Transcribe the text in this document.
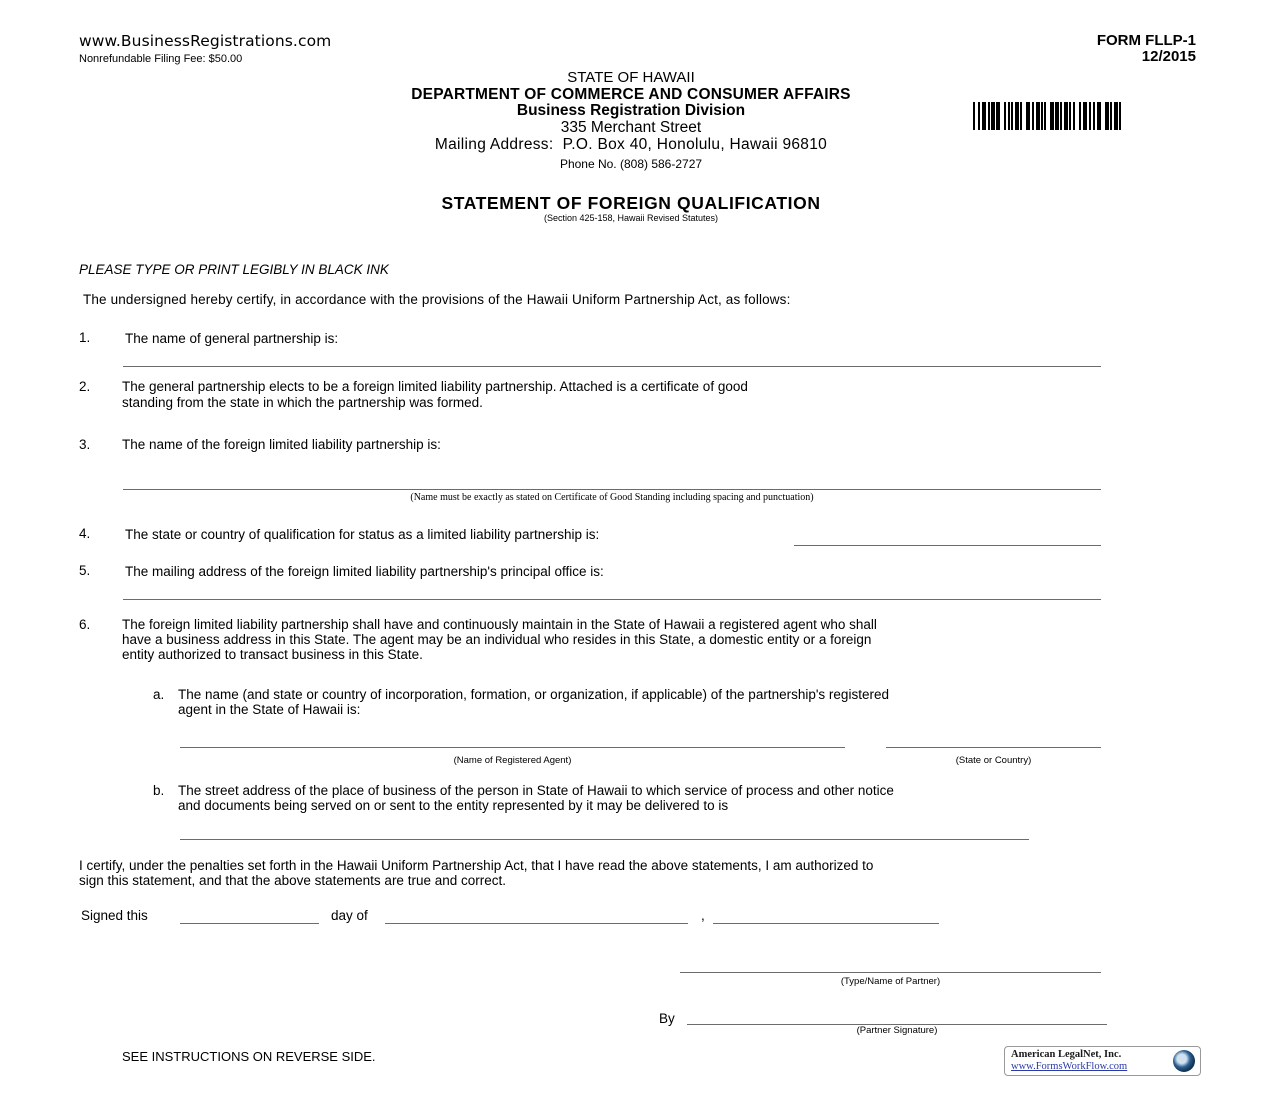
www.BusinessRegistrations.com
Nonrefundable Filing Fee: $50.00
FORM FLLP-1
12/2015
STATE OF HAWAII
DEPARTMENT OF COMMERCE AND CONSUMER AFFAIRS
Business Registration Division
335 Merchant Street
Mailing Address:  P.O. Box 40, Honolulu, Hawaii 96810
Phone No. (808) 586-2727
STATEMENT OF FOREIGN QUALIFICATION
(Section 425-158, Hawaii Revised Statutes)
PLEASE TYPE OR PRINT LEGIBLY IN BLACK INK
The undersigned hereby certify, in accordance with the provisions of the Hawaii Uniform Partnership Act, as follows:
1.	The name of general partnership is:
2. The general partnership elects to be a foreign limited liability partnership. Attached is a certificate of good
standing from the state in which the partnership was formed.
3. The name of the foreign limited liability partnership is:
(Name must be exactly as stated on Certificate of Good Standing including spacing and punctuation)
4.	The state or country of qualification for status as a limited liability partnership is:
5.	The mailing address of the foreign limited liability partnership's principal office is:
6. The foreign limited liability partnership shall have and continuously maintain in the State of Hawaii a registered agent who shall
have a business address in this State. The agent may be an individual who resides in this State, a domestic entity or a foreign
entity authorized to transact business in this State.
a. The name (and state or country of incorporation, formation, or organization, if applicable) of the partnership's registered
agent in the State of Hawaii is:
(Name of Registered Agent)	(State or Country)
b. The street address of the place of business of the person in State of Hawaii to which service of process and other notice
and documents being served on or sent to the entity represented by it may be delivered to is
I certify, under the penalties set forth in the Hawaii Uniform Partnership Act, that I have read the above statements, I am authorized to
sign this statement, and that the above statements are true and correct.
Signed this	day of	,
(Type/Name of Partner)
By
(Partner Signature)
SEE INSTRUCTIONS ON REVERSE SIDE.	American LegalNet, Inc.
www.FormsWorkFlow.com
